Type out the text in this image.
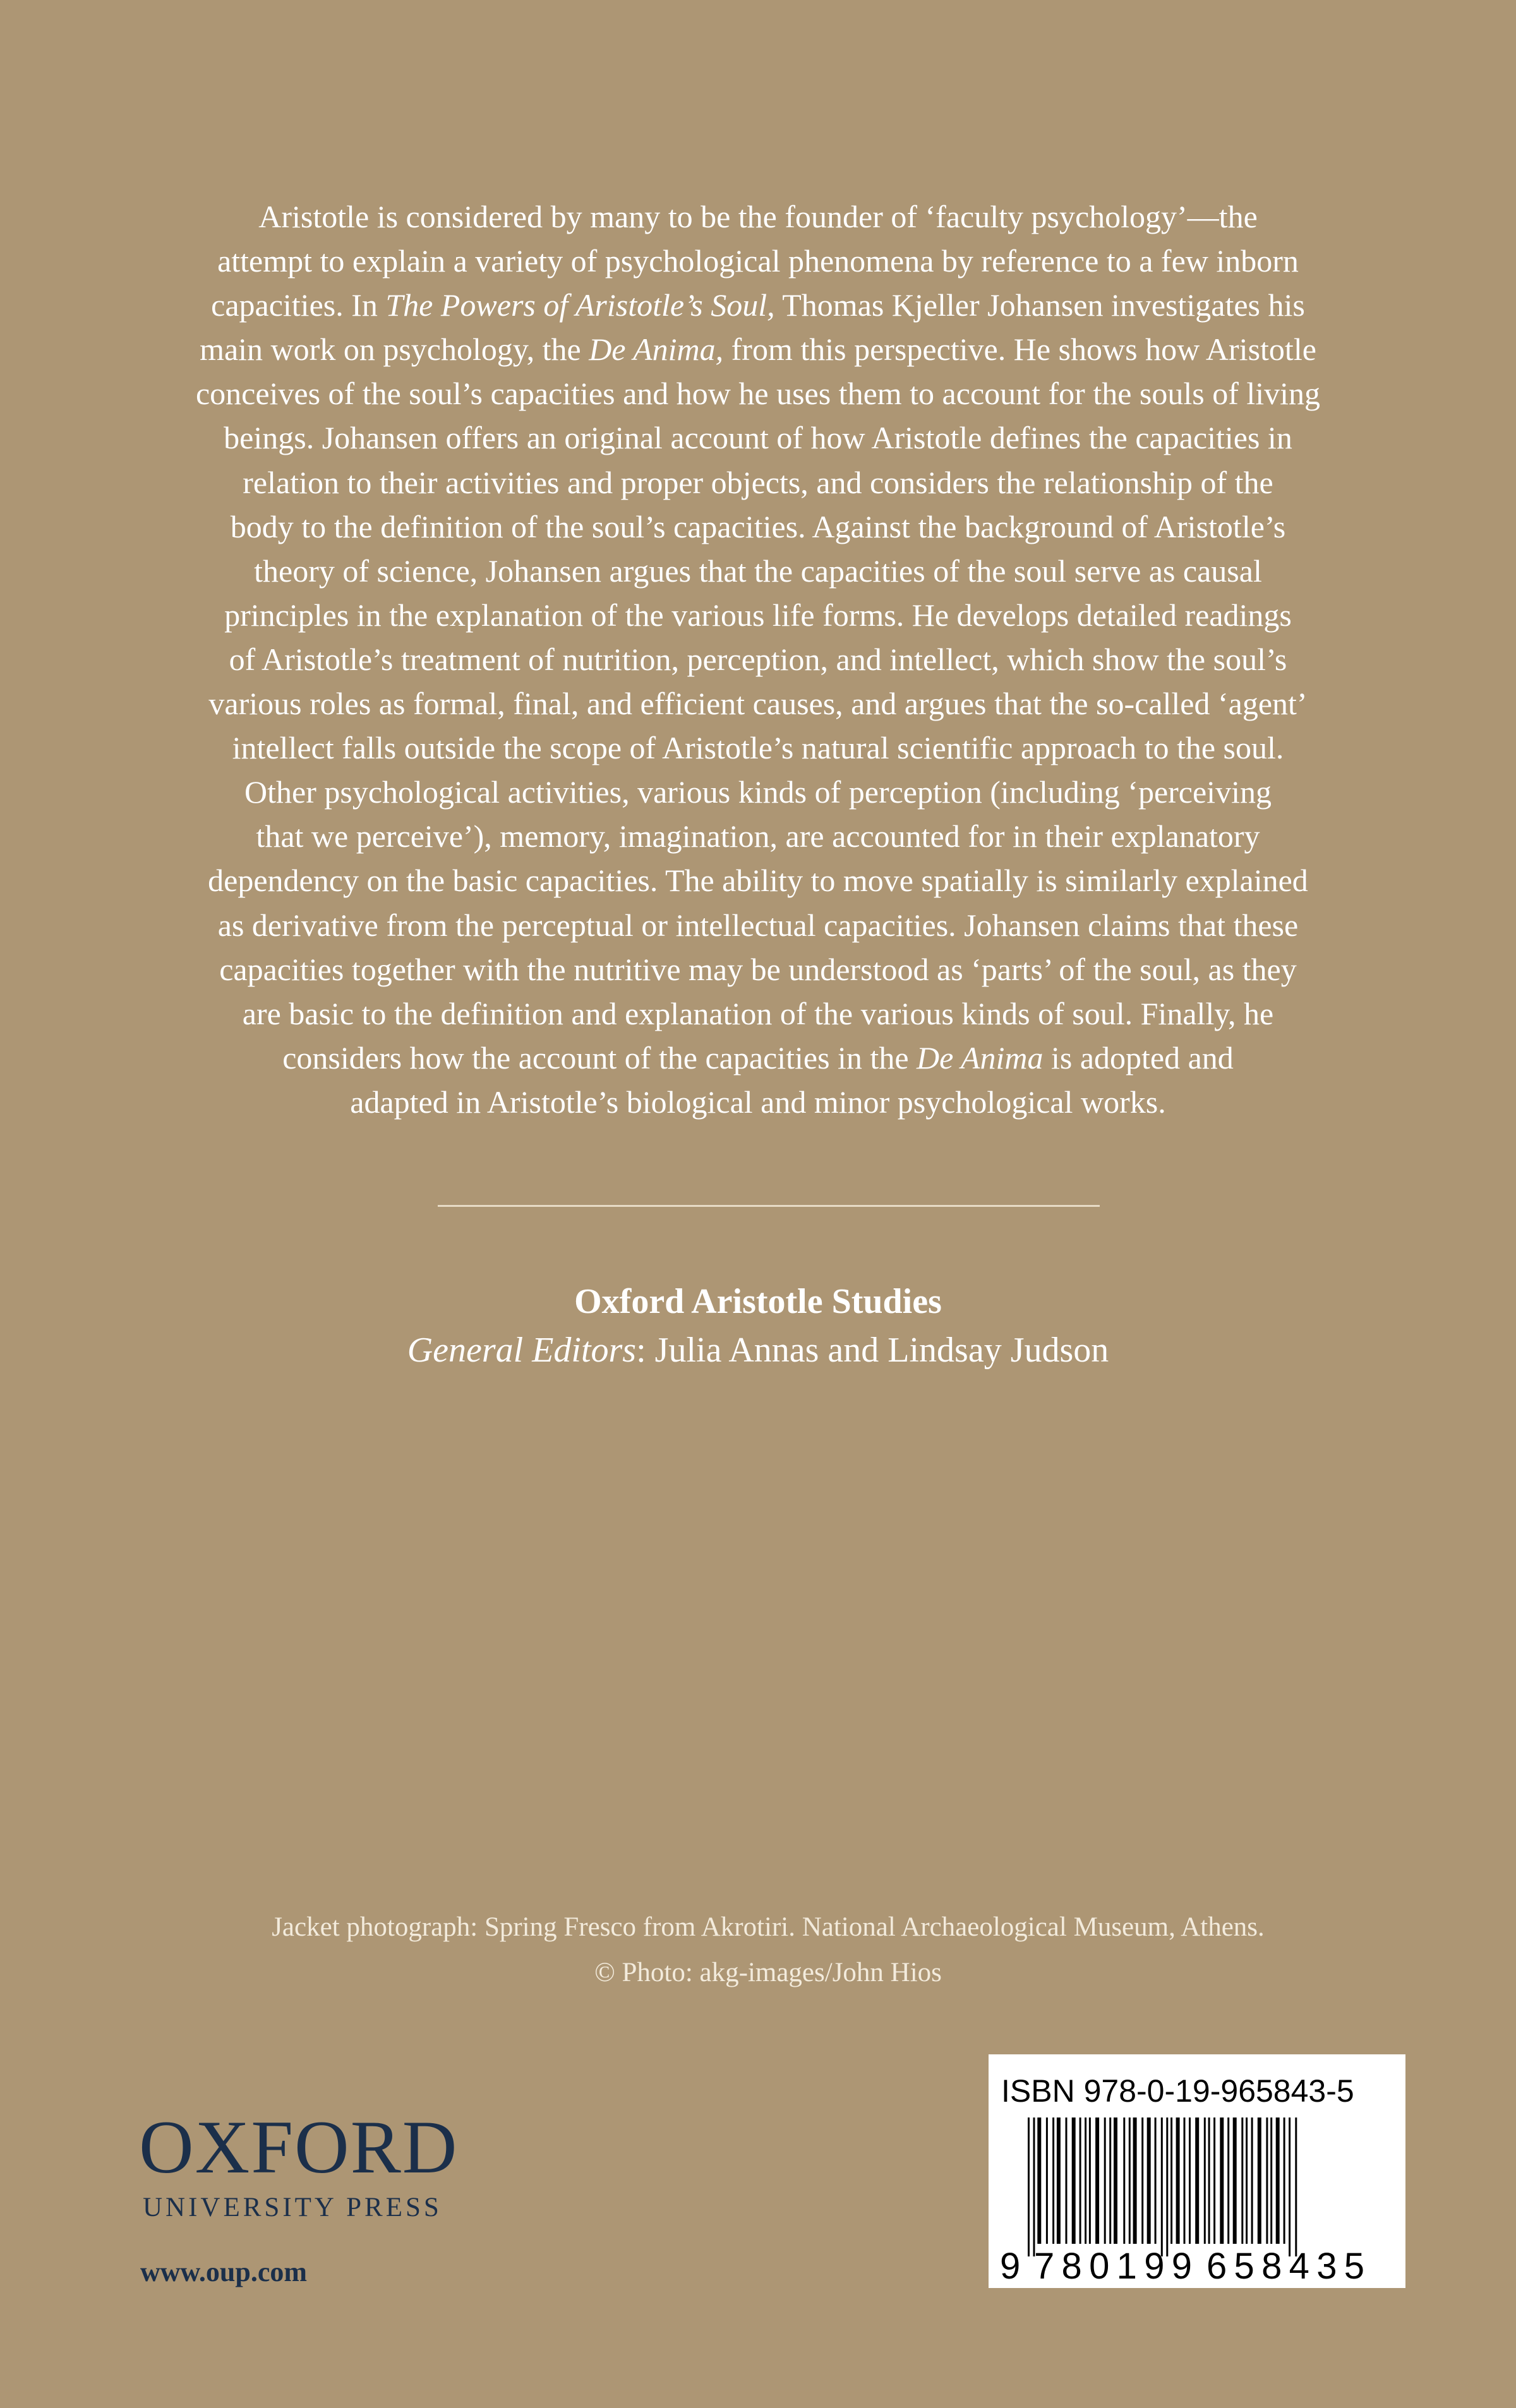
Aristotle is considered by many to be the founder of ‘faculty psychology’—the
attempt to explain a variety of psychological phenomena by reference to a few inborn
capacities. In The Powers of Aristotle’s Soul, Thomas Kjeller Johansen investigates his
main work on psychology, the De Anima, from this perspective. He shows how Aristotle
conceives of the soul’s capacities and how he uses them to account for the souls of living
beings. Johansen offers an original account of how Aristotle defines the capacities in
relation to their activities and proper objects, and considers the relationship of the
body to the definition of the soul’s capacities. Against the background of Aristotle’s
theory of science, Johansen argues that the capacities of the soul serve as causal
principles in the explanation of the various life forms. He develops detailed readings
of Aristotle’s treatment of nutrition, perception, and intellect, which show the soul’s
various roles as formal, final, and efficient causes, and argues that the so-called ‘agent’
intellect falls outside the scope of Aristotle’s natural scientific approach to the soul.
Other psychological activities, various kinds of perception (including ‘perceiving
that we perceive’), memory, imagination, are accounted for in their explanatory
dependency on the basic capacities. The ability to move spatially is similarly explained
as derivative from the perceptual or intellectual capacities. Johansen claims that these
capacities together with the nutritive may be understood as ‘parts’ of the soul, as they
are basic to the definition and explanation of the various kinds of soul. Finally, he
considers how the account of the capacities in the De Anima is adopted and
adapted in Aristotle’s biological and minor psychological works.
Oxford Aristotle Studies
General Editors: Julia Annas and Lindsay Judson
Jacket photograph: Spring Fresco from Akrotiri. National Archaeological Museum, Athens.
© Photo: akg-images/John Hios
OXFORD
UNIVERSITY PRESS
www.oup.com
ISBN 978-0-19-965843-5
9 780199 658435
